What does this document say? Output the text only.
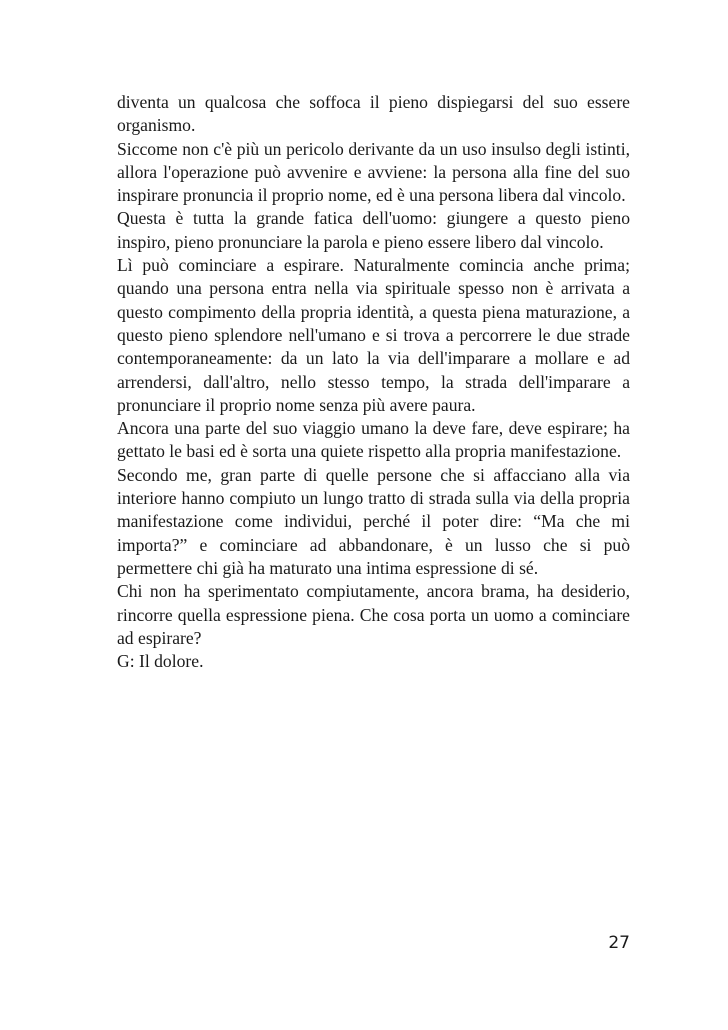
diventa un qualcosa che soffoca il pieno dispiegarsi del suo essere organismo.

Siccome non c'è più un pericolo derivante da un uso insulso degli istinti, allora l'operazione può avvenire e avviene: la persona alla fine del suo inspirare pronuncia il proprio nome, ed è una persona libera dal vincolo.

Questa è tutta la grande fatica dell'uomo: giungere a questo pieno inspiro, pieno pronunciare la parola e pieno essere libero dal vincolo.

Lì può cominciare a espirare. Naturalmente comincia anche prima; quando una persona entra nella via spirituale spesso non è arrivata a questo compimento della propria identità, a questa piena maturazione, a questo pieno splendore nell'umano e si trova a percorrere le due strade contemporaneamente: da un lato la via dell'imparare a mollare e ad arrendersi, dall'altro, nello stesso tempo, la strada dell'imparare a pronunciare il proprio nome senza più avere paura.

Ancora una parte del suo viaggio umano la deve fare, deve espirare; ha gettato le basi ed è sorta una quiete rispetto alla propria manifestazione.

Secondo me, gran parte di quelle persone che si affacciano alla via interiore hanno compiuto un lungo tratto di strada sulla via della propria manifestazione come individui, perché il poter dire: “Ma che mi importa?” e cominciare ad abbandonare, è un lusso che si può permettere chi già ha maturato una intima espressione di sé.

Chi non ha sperimentato compiutamente, ancora brama, ha desiderio, rincorre quella espressione piena. Che cosa porta un uomo a cominciare ad espirare?

G: Il dolore.

27
